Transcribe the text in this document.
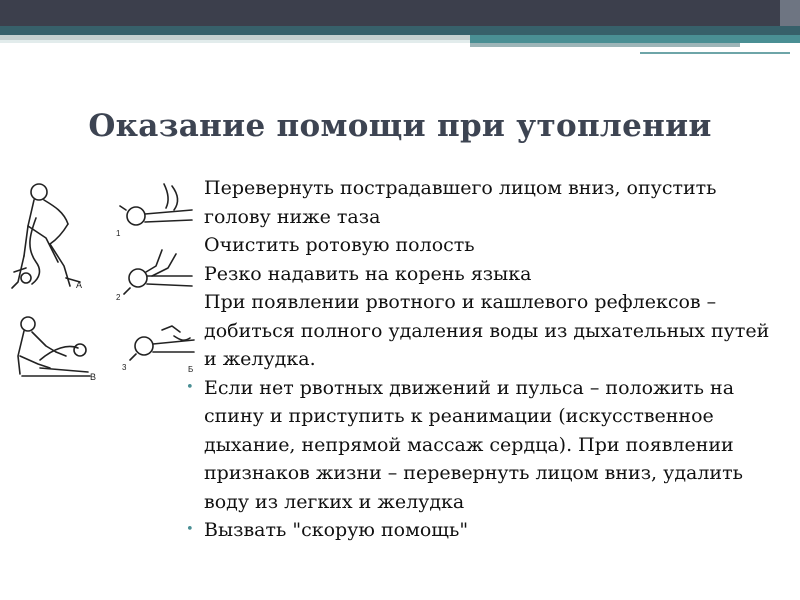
Оказание помощи при утоплении
А
В
1
2
3	Б
Перевернуть пострадавшего лицом вниз, опустить голову ниже таза
Очистить ротовую полость
Резко надавить на корень языка
При появлении рвотного и кашлевого рефлексов – добиться полного удаления воды из дыхательных путей и желудка.
• Если нет рвотных движений и пульса – положить на спину и приступить к реанимации (искусственное дыхание, непрямой массаж сердца). При появлении признаков жизни – перевернуть лицом вниз, удалить воду из легких и желудка
• Вызвать "скорую помощь"
